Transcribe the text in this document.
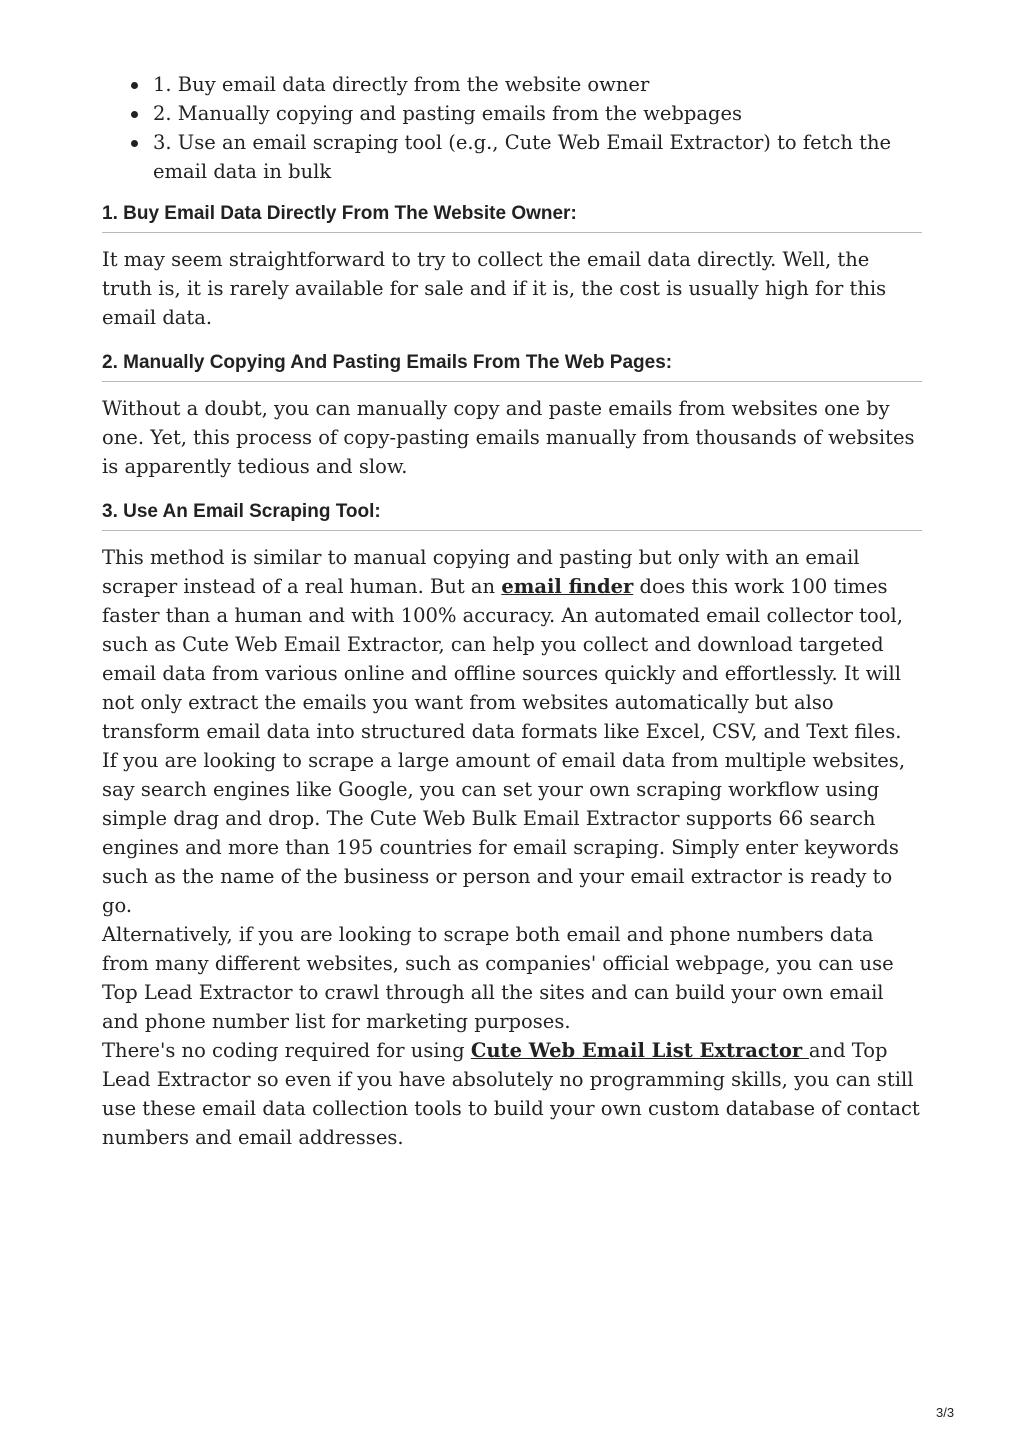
1. Buy email data directly from the website owner
2. Manually copying and pasting emails from the webpages
3. Use an email scraping tool (e.g., Cute Web Email Extractor) to fetch the email data in bulk
1. Buy Email Data Directly From The Website Owner:

It may seem straightforward to try to collect the email data directly. Well, the truth is, it is rarely available for sale and if it is, the cost is usually high for this email data.

2. Manually Copying And Pasting Emails From The Web Pages:

Without a doubt, you can manually copy and paste emails from websites one by one. Yet, this process of copy-pasting emails manually from thousands of websites is apparently tedious and slow.

3. Use An Email Scraping Tool:

This method is similar to manual copying and pasting but only with an email scraper instead of a real human. But an email finder does this work 100 times faster than a human and with 100% accuracy. An automated email collector tool, such as Cute Web Email Extractor, can help you collect and download targeted email data from various online and offline sources quickly and effortlessly. It will not only extract the emails you want from websites automatically but also transform email data into structured data formats like Excel, CSV, and Text files.

If you are looking to scrape a large amount of email data from multiple websites, say search engines like Google, you can set your own scraping workflow using simple drag and drop. The Cute Web Bulk Email Extractor supports 66 search engines and more than 195 countries for email scraping. Simply enter keywords such as the name of the business or person and your email extractor is ready to go.

Alternatively, if you are looking to scrape both email and phone numbers data from many different websites, such as companies' official webpage, you can use Top Lead Extractor to crawl through all the sites and can build your own email and phone number list for marketing purposes.

There's no coding required for using Cute Web Email List Extractor and Top Lead Extractor so even if you have absolutely no programming skills, you can still use these email data collection tools to build your own custom database of contact numbers and email addresses.

3/3
